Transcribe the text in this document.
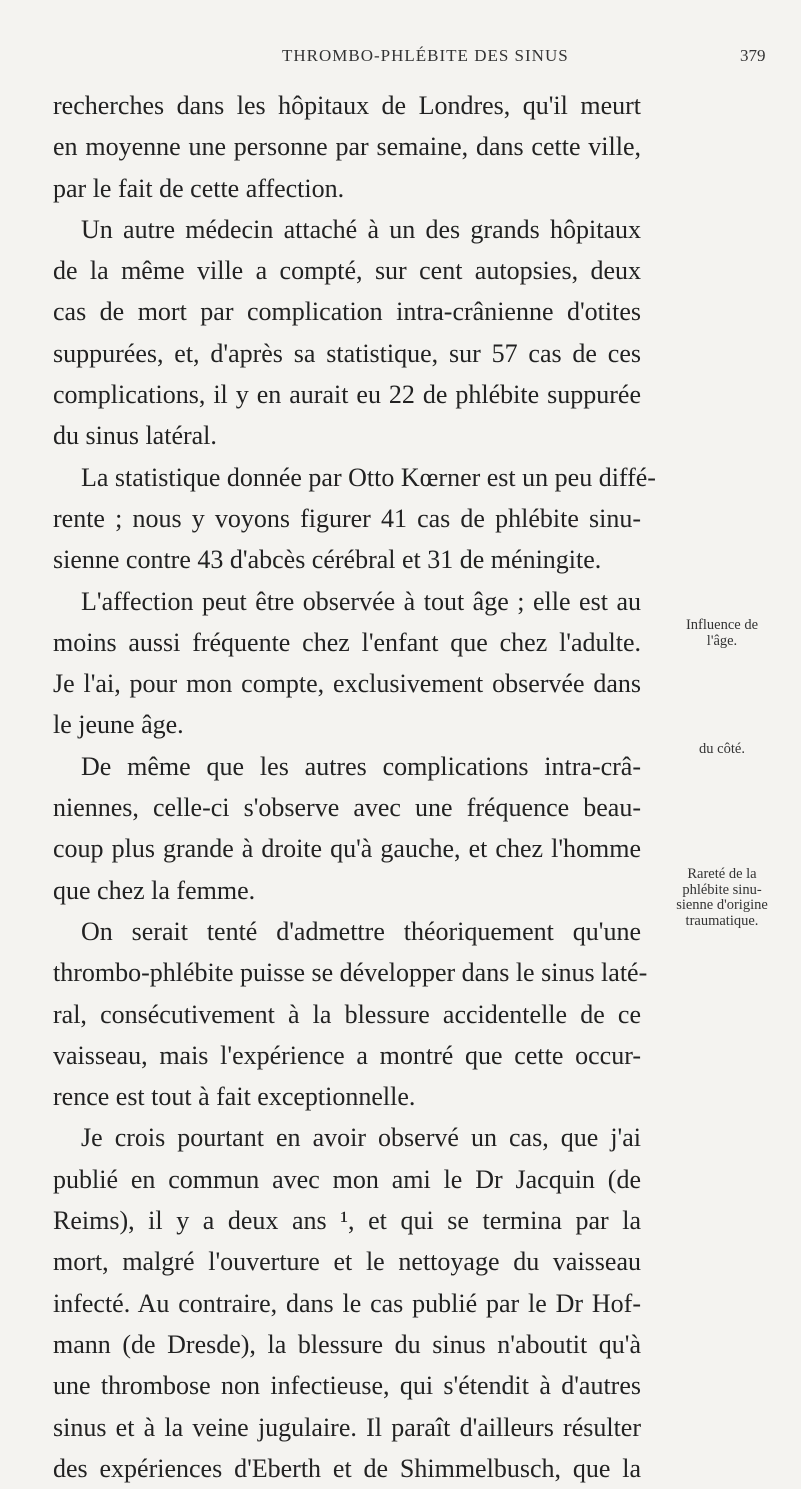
THROMBO-PHLÉBITE DES SINUS	379
recherches dans les hôpitaux de Londres, qu'il meurt
en moyenne une personne par semaine, dans cette ville,
par le fait de cette affection.
Un autre médecin attaché à un des grands hôpitaux
de la même ville a compté, sur cent autopsies, deux
cas de mort par complication intra-crânienne d'otites
suppurées, et, d'après sa statistique, sur 57 cas de ces
complications, il y en aurait eu 22 de phlébite suppurée
du sinus latéral.
La statistique donnée par Otto Kœrner est un peu diffé-
rente ; nous y voyons figurer 41 cas de phlébite sinu-
sienne contre 43 d'abcès cérébral et 31 de méningite.
L'affection peut être observée à tout âge ; elle est au
moins aussi fréquente chez l'enfant que chez l'adulte.
Je l'ai, pour mon compte, exclusivement observée dans
le jeune âge.
De même que les autres complications intra-crâ-
niennes, celle-ci s'observe avec une fréquence beau-
coup plus grande à droite qu'à gauche, et chez l'homme
que chez la femme.
On serait tenté d'admettre théoriquement qu'une
thrombo-phlébite puisse se développer dans le sinus laté-
ral, consécutivement à la blessure accidentelle de ce
vaisseau, mais l'expérience a montré que cette occur-
rence est tout à fait exceptionnelle.
Je crois pourtant en avoir observé un cas, que j'ai
publié en commun avec mon ami le Dr Jacquin (de
Reims), il y a deux ans ¹, et qui se termina par la
mort, malgré l'ouverture et le nettoyage du vaisseau
infecté. Au contraire, dans le cas publié par le Dr Hof-
mann (de Dresde), la blessure du sinus n'aboutit qu'à
une thrombose non infectieuse, qui s'étendit à d'autres
sinus et à la veine jugulaire. Il paraît d'ailleurs résulter
des expériences d'Eberth et de Shimmelbusch, que la
Influence de
l'âge.
du côté.
Rareté de la
phlébite sinu-
sienne d'origine
traumatique.
